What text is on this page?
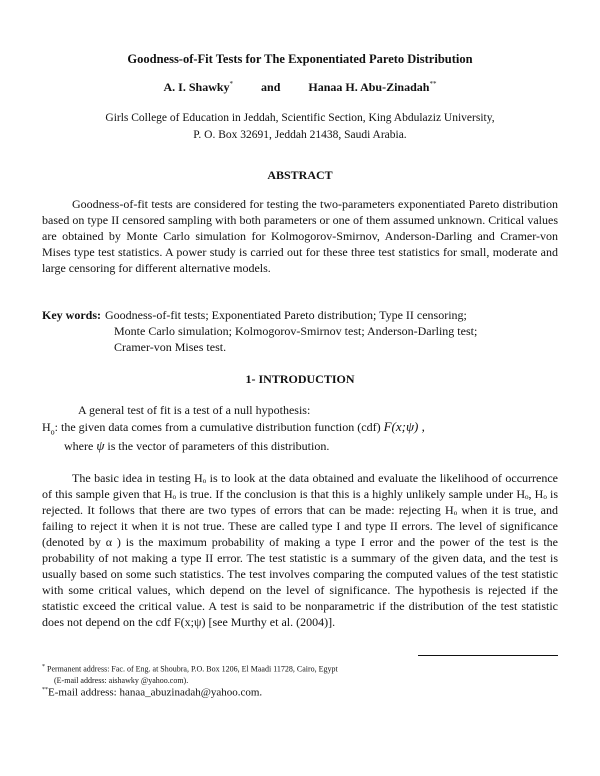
Goodness-of-Fit Tests for The Exponentiated Pareto Distribution
A. I. Shawky* and Hanaa H. Abu-Zinadah**
Girls College of Education in Jeddah, Scientific Section, King Abdulaziz University,
P. O. Box 32691, Jeddah 21438, Saudi Arabia.
ABSTRACT
Goodness-of-fit tests are considered for testing the two-parameters exponentiated Pareto distribution based on type II censored sampling with both parameters or one of them assumed unknown. Critical values are obtained by Monte Carlo simulation for Kolmogorov-Smirnov, Anderson-Darling and Cramer-von Mises type test statistics. A power study is carried out for these three test statistics for small, moderate and large censoring for different alternative models.
Key words: Goodness-of-fit tests; Exponentiated Pareto distribution; Type II censoring;
Monte Carlo simulation; Kolmogorov-Smirnov test; Anderson-Darling test;
Cramer-von Mises test.
1- INTRODUCTION
A general test of fit is a test of a null hypothesis:
$H_o$: the given data comes from a cumulative distribution function (cdf) F(x;ψ) ,
where ψ is the vector of parameters of this distribution.
The basic idea in testing Hₒ is to look at the data obtained and evaluate the likelihood of occurrence of this sample given that Hₒ is true. If the conclusion is that this is a highly unlikely sample under Hₒ, Hₒ is rejected. It follows that there are two types of errors that can be made: rejecting Hₒ when it is true, and failing to reject it when it is not true. These are called type I and type II errors. The level of significance (denoted by α ) is the maximum probability of making a type I error and the power of the test is the probability of not making a type II error. The test statistic is a summary of the given data, and the test is usually based on some such statistics. The test involves comparing the computed values of the test statistic with some critical values, which depend on the level of significance. The hypothesis is rejected if the statistic exceed the critical value. A test is said to be nonparametric if the distribution of the test statistic does not depend on the cdf F(x;ψ) [see Murthy et al. (2004)].
* Permanent address: Fac. of Eng. at Shoubra, P.O. Box 1206, El Maadi 11728, Cairo, Egypt
(E-mail address: aishawky @yahoo.com).
**E-mail address: hanaa_abuzinadah@yahoo.com.
